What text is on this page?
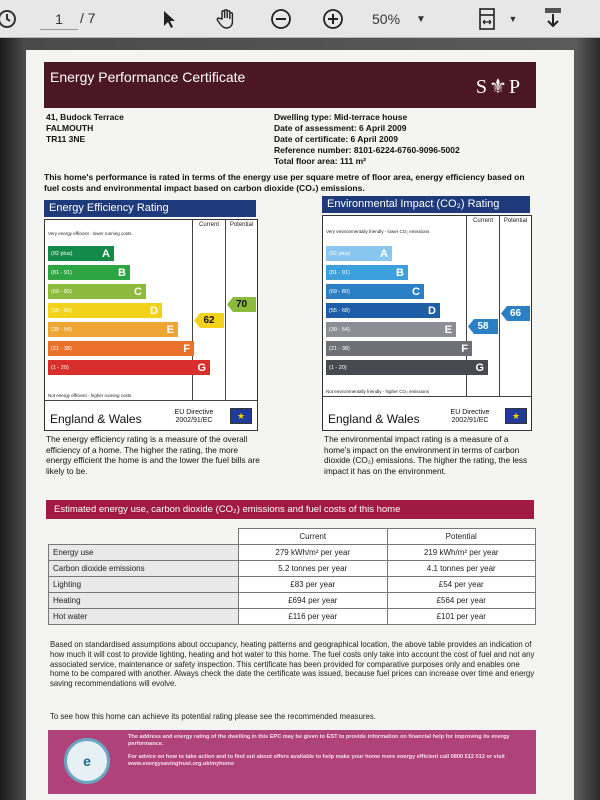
1	/ 7	50% ▼	▼
Energy Performance Certificate	S⚜P
41, Budock Terrace
FALMOUTH
TR11 3NE
Dwelling type: Mid-terrace house
Date of assessment: 6 April 2009
Date of certificate: 6 April 2009
Reference number: 8101-6224-6760-9096-5002
Total floor area: 111 m²
This home's performance is rated in terms of the energy use per square metre of floor area, energy efficiency based on fuel costs and environmental impact based on carbon dioxide (CO₂) emissions.
Energy Efficiency Rating
Current	Potential
Very energy efficient - lower running costs
Not energy efficient - higher running costs
(92 plus)	A
(81 - 91)	B
(69 - 80)	C
(55 - 68)	D
(39 - 54)	E
(21 - 38)	F
(1 - 20)	G
62
70
England & Wales	EU Directive 2002/91/EC	★
The energy efficiency rating is a measure of the overall efficiency of a home. The higher the rating, the more energy efficient the home is and the lower the fuel bills are likely to be.
Environmental Impact (CO₂) Rating
Current	Potential
Very environmentally friendly - lower CO₂ emissions
Not environmentally friendly - higher CO₂ emissions
(92 plus)	A
(81 - 91)	B
(69 - 80)	C
(55 - 68)	D
(39 - 54)	E
(21 - 38)	F
(1 - 20)	G
58
66
England & Wales	EU Directive 2002/91/EC	★
The environmental impact rating is a measure of a home's impact on the environment in terms of carbon dioxide (CO₂) emissions. The higher the rating, the less impact it has on the environment.
Estimated energy use, carbon dioxide (CO₂) emissions and fuel costs of this home
	Current	Potential
Energy use	279 kWh/m² per year	219 kWh/m² per year
Carbon dioxide emissions	5.2 tonnes per year	4.1 tonnes per year
Lighting	£83 per year	£54 per year
Heating	£694 per year	£564 per year
Hot water	£116 per year	£101 per year
Based on standardised assumptions about occupancy, heating patterns and geographical location, the above table provides an indication of how much it will cost to provide lighting, heating and hot water to this home. The fuel costs only take into account the cost of fuel and not any associated service, maintenance or safety inspection. This certificate has been provided for comparative purposes only and enables one home to be compared with another. Always check the date the certificate was issued, because fuel prices can increase over time and energy saving recommendations will evolve.
To see how this home can achieve its potential rating please see the recommended measures.
e
The address and energy rating of the dwelling in this EPC may be given to EST to provide information on financial help for improving its energy performance.
For advice on how to take action and to find out about offers available to help make your home more energy efficient call 0800 512 012 or visit www.energysavingtrust.org.uk/myhome
